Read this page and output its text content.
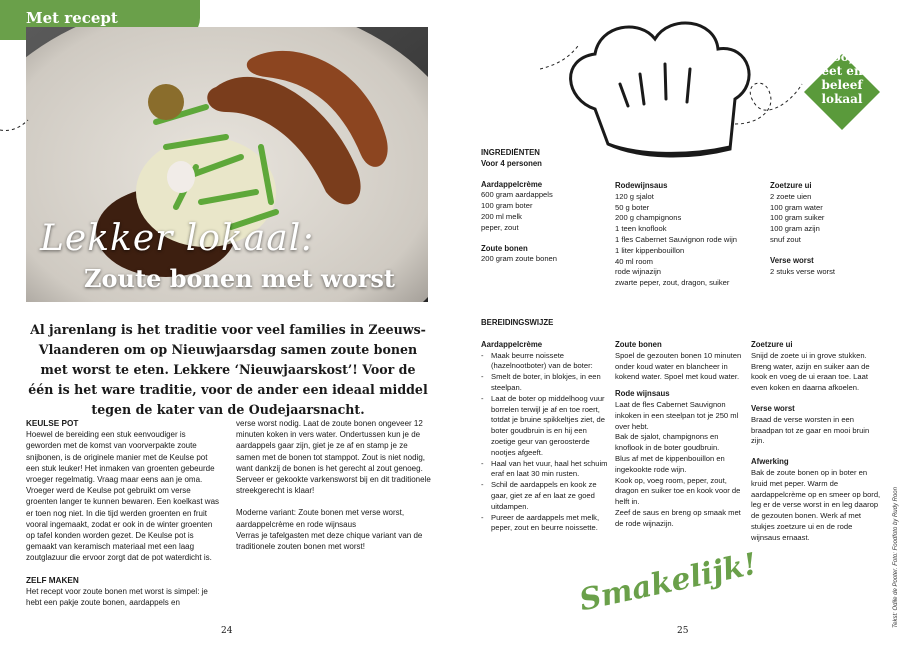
Met recept
Lekker lokaal:
Zoute bonen met worst
Al jarenlang is het traditie voor veel families in Zeeuws-Vlaanderen om op Nieuwjaarsdag samen zoute bonen met worst te eten. Lekkere ‘Nieuwjaarskost’! Voor de één is het ware traditie, voor de ander een ideaal middel tegen de kater van de Oudejaarsnacht.
KEULSE POT
Hoewel de bereiding een stuk eenvoudiger is geworden met de komst van voorverpakte zoute snijbonen, is de originele manier met de Keulse pot een stuk leuker! Het inmaken van groenten gebeurde vroeger regelmatig. Vraag maar eens aan je oma. Vroeger werd de Keulse pot gebruikt om verse groenten langer te kunnen bewaren. Een koelkast was er toen nog niet. In die tijd werden groenten en fruit vooral ingemaakt, zodat er ook in de winter groenten op tafel konden worden gezet. De Keulse pot is gemaakt van keramisch materiaal met een laag zoutglazuur die ervoor zorgt dat de pot waterdicht is.
ZELF MAKEN
Het recept voor zoute bonen met worst is simpel: je hebt een pakje zoute bonen, aardappels en
verse worst nodig. Laat de zoute bonen ongeveer 12 minuten koken in vers water. Ondertussen kun je de aardappels gaar zijn, giet je ze af en stamp je ze samen met de bonen tot stamppot. Zout is niet nodig, want dankzij de bonen is het gerecht al zout genoeg. Serveer er gekookte varkensworst bij en dit traditionele streekgerecht is klaar!
Moderne variant: Zoute bonen met verse worst, aardappelcrème en rode wijnsaus
Verras je tafelgasten met deze chique variant van de traditionele zouten bonen met worst!
24
Koop,
eet en
beleef
lokaal
INGREDIËNTEN
Voor 4 personen
Aardappelcrème
600 gram aardappels
100 gram boter
200 ml melk
peper, zout
Zoute bonen
200 gram zoute bonen
Rodewijnsaus
120 g sjalot
50 g boter
200 g champignons
1 teen knoflook
1 fles Cabernet Sauvignon rode wijn
1 liter kippenbouillon
40 ml room
rode wijnazijn
zwarte peper, zout, dragon, suiker
Zoetzure ui
2 zoete uien
100 gram water
100 gram suiker
100 gram azijn
snuf zout
Verse worst
2 stuks verse worst
BEREIDINGSWIJZE
Aardappelcrème
- Maak beurre noissete (hazelnootboter) van de boter:
- Smelt de boter, in blokjes, in een steelpan.
- Laat de boter op middelhoog vuur borrelen terwijl je af en toe roert, totdat je bruine spikkeltjes ziet, de boter goudbruin is en hij een zoetige geur van geroosterde nootjes afgeeft.
- Haal van het vuur, haal het schuim eraf en laat 30 min rusten.
- Schil de aardappels en kook ze gaar, giet ze af en laat ze goed uitdampen.
- Pureer de aardappels met melk, peper, zout en beurre noissette.
Zoute bonen
Spoel de gezouten bonen 10 minuten onder koud water en blancheer in kokend water. Spoel met koud water.
Rode wijnsaus
Laat de fles Cabernet Sauvignon inkoken in een steelpan tot je 250 ml over hebt.
Bak de sjalot, champignons en knoflook in de boter goudbruin.
Blus af met de kippenbouillon en ingekookte rode wijn.
Kook op, voeg room, peper, zout, dragon en suiker toe en kook voor de helft in.
Zeef de saus en breng op smaak met de rode wijnazijn.
Zoetzure ui
Snijd de zoete ui in grove stukken. Breng water, azijn en suiker aan de kook en voeg de ui eraan toe. Laat even koken en daarna afkoelen.
Verse worst
Braad de verse worsten in een braadpan tot ze gaar en mooi bruin zijn.
Afwerking
Bak de zoute bonen op in boter en kruid met peper. Warm de aardappelcrème op en smeer op bord, leg er de verse worst in en leg daarop de gezouten bonen. Werk af met stukjes zoetzure ui en de rode wijnsaus ernaast.
Smakelijk!
25
Tekst: Odile de Pooter. Foto: Foodfoto by Rudy Roon
